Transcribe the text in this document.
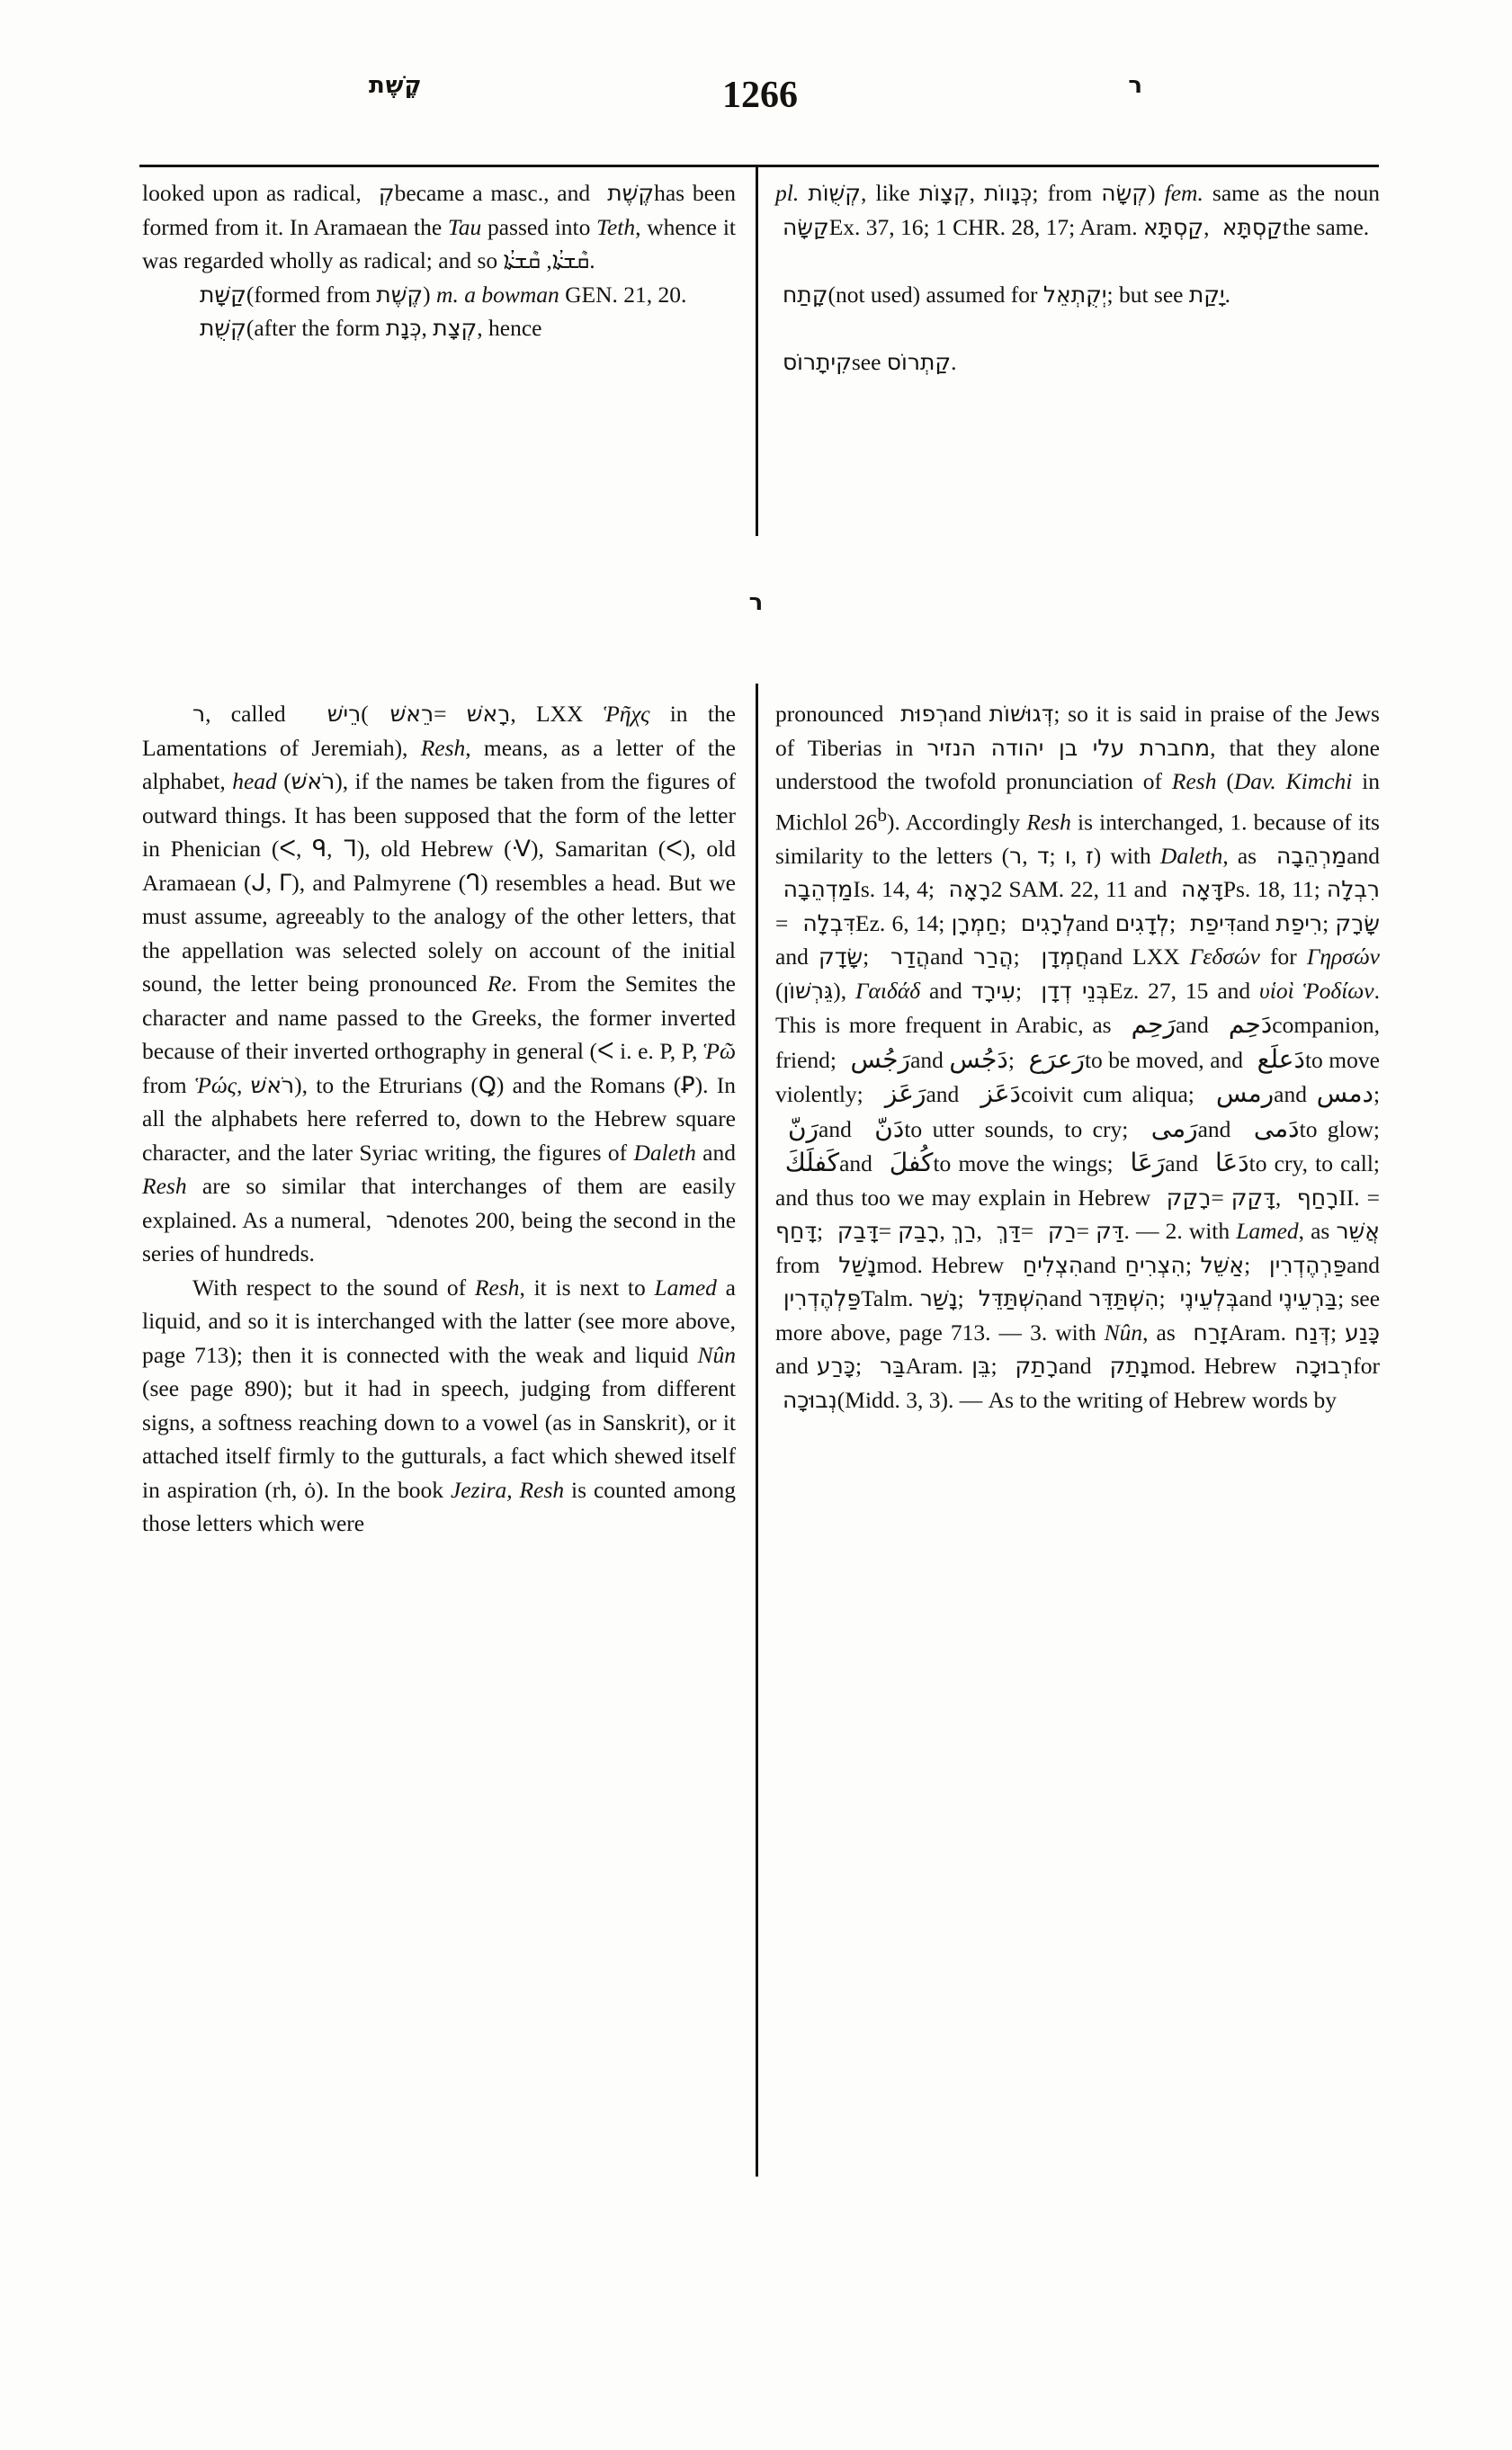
קֶשֶׁת	1266	ר
ר

looked upon as radical, קְ became a masc., and קֶשֶׁת has been formed from it. In Aramaean the Tau passed into Teth, whence it was regarded wholly as radical; and so ܩܶܫܬ݁ܳܐ, ܩܶܫܬ݁ܳܐ.

קַשָּׁת (formed from קֶשֶׁת) m. a bowman GEN. 21, 20.

קְשֻׁת (after the form כְּנָת, קְצָת, hence

pl. קְשֻׁוֹת, like קְצָוֹת, כְּנָווֹת; from קְשָׂה) fem. same as the noun קַשָּׂה Ex. 37, 16; 1 CHR. 28, 17; Aram. קַסְתָּא, קַסְתָּא the same.

קָתַח (not used) assumed for יְקֻתְאֵל; but see יָקַת.

קִיתָרוֹס see קַתְרוֹס.

ר, called רֵישׁ (רֵאשׁ = רָאשׁ, LXX Ῥῆχς in the Lamentations of Jeremiah), Resh, means, as a letter of the alphabet, head (רֹאשׁ), if the names be taken from the figures of outward things. It has been supposed that the form of the letter in Phenician (ᐸ, ᑫ, ᒣ), old Hebrew (ᐺ), Samaritan (ᐸ), old Aramaean (ᒍ, ᒥ), and Palmyrene (ᒉ) resembles a head. But we must assume, agreeably to the analogy of the other letters, that the appellation was selected solely on account of the initial sound, the letter being pronounced Re. From the Semites the character and name passed to the Greeks, the former inverted because of their inverted orthography in general (ᐸ i. e. Ρ, Ρ, Ῥῶ from Ῥώς, רֹאשׁ), to the Etrurians (Ꝗ) and the Romans (Ꝑ). In all the alphabets here referred to, down to the Hebrew square character, and the later Syriac writing, the figures of Daleth and Resh are so similar that interchanges of them are easily explained. As a numeral, ר denotes 200, being the second in the series of hundreds.

With respect to the sound of Resh, it is next to Lamed a liquid, and so it is interchanged with the latter (see more above, page 713); then it is connected with the weak and liquid Nûn (see page 890); but it had in speech, judging from different signs, a softness reaching down to a vowel (as in Sanskrit), or it attached itself firmly to the gutturals, a fact which shewed itself in aspiration (rh, ȯ). In the book Jezira, Resh is counted among those letters which were

pronounced רְפוּת and דְּגוּשׁוֹת; so it is said in praise of the Jews of Tiberias in מחברת עלי בן יהודה הנזיר, that they alone understood the twofold pronunciation of Resh (Dav. Kimchi in Michlol 26$^b$). Accordingly Resh is interchanged, 1. because of its similarity to the letters (ר, ד; ו, ז) with Daleth, as מַרְהֵבָה and מַדְהֵבָה Is. 14, 4; רָאָה 2 SAM. 22, 11 and דָּאָה Ps. 18, 11; רִבְלָה = דִּבְלָה Ez. 6, 14; חַמְרָן; לְרָגִים and לְדָגִים; דִּיפַת and רִיפַת; שָׂרָק and שָׂדָק; הֲדַר and הֲרַר; חֲמְדָן and LXX Γεδσών for Γηρσών (גֵּרְשׁוֹן), Γαιδάδ and עִירָד; בְּנֵי דְדָן Ez. 27, 15 and υἱοὶ Ῥοδίων. This is more frequent in Arabic, as رَحِم and دَحِم companion, friend; رَجُس and دَجُس; رَعرَع to be moved, and دَعلَع to move violently; رَعَز and دَعَز coivit cum aliqua; رمس and دمس; رَنّ and دَنّ to utter sounds, to cry; رَمى and دَمى to glow; كَفلَكَ and كُفلَ to move the wings; رَعَا and دَعَا to cry, to call; and thus too we may explain in Hebrew רָקַק = דָּקַק, רָחַף II. = דָּחַף; דָּבַק = רָבַק, רַךְ, דַּךְ = רַק = דַּק. — 2. with Lamed, as אֲשֵׁר from נָשַׁל mod. Hebrew הִצְלִיחַ and הִצְרִיחַ; אַשֵּׁל; פַּרְהֶדְרִין and פַּלְהֶדְרִין Talm. נָשַׁר; הִשְׁתַּדֵּל and הִשְׁתַּדֵּר; בְּלְעֵינֶי and בַּרְעֵינֶי; see more above, page 713. — 3. with Nûn, as זָרַח Aram. דְּנַח; כָּנַע and כָּרַע; בַּר Aram. בֵּן; רָתַק and נָתַק mod. Hebrew רְבוּכָה for נְבוּכָה (Midd. 3, 3). — As to the writing of Hebrew words by
